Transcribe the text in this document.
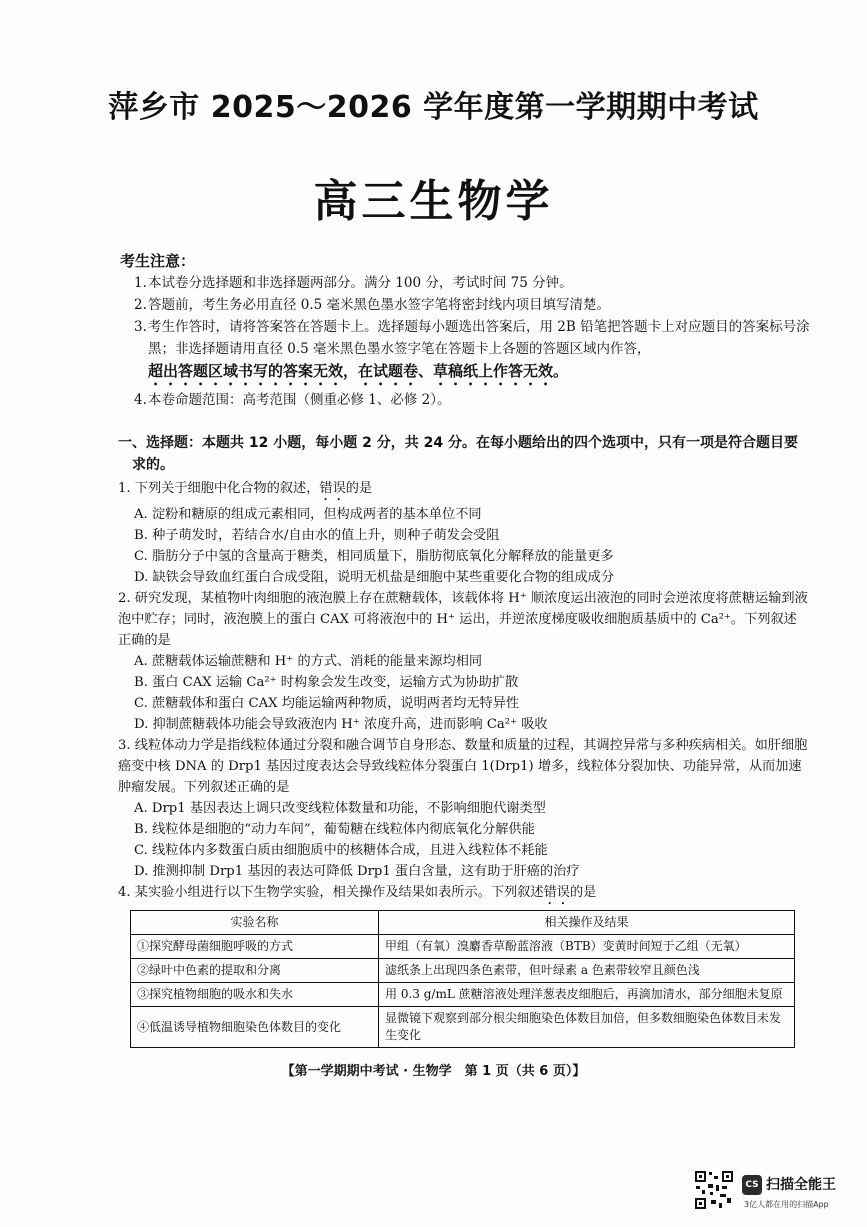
萍乡市 2025～2026 学年度第一学期期中考试
高三生物学
考生注意：
1.本试卷分选择题和非选择题两部分。满分 100 分，考试时间 75 分钟。
2.答题前，考生务必用直径 0.5 毫米黑色墨水签字笔将密封线内项目填写清楚。
3.考生作答时，请将答案答在答题卡上。选择题每小题选出答案后，用 2B 铅笔把答题卡上对应题目的答案标号涂黑；非选择题请用直径 0.5 毫米黑色墨水签字笔在答题卡上各题的答题区域内作答，
超出答题区域书写的答案无效，在试题卷、草稿纸上作答无效。
4.本卷命题范围：高考范围（侧重必修 1、必修 2）。
一、选择题：本题共 12 小题，每小题 2 分，共 24 分。在每小题给出的四个选项中，只有一项是符合题目要
求的。
1. 下列关于细胞中化合物的叙述，错误的是
A. 淀粉和糖原的组成元素相同，但构成两者的基本单位不同
B. 种子萌发时，若结合水/自由水的值上升，则种子萌发会受阻
C. 脂肪分子中氢的含量高于糖类，相同质量下，脂肪彻底氧化分解释放的能量更多
D. 缺铁会导致血红蛋白合成受阻，说明无机盐是细胞中某些重要化合物的组成成分
2. 研究发现，某植物叶肉细胞的液泡膜上存在蔗糖载体，该载体将 H⁺ 顺浓度运出液泡的同时会逆浓度将蔗糖运输到液泡中贮存；同时，液泡膜上的蛋白 CAX 可将液泡中的 H⁺ 运出，并逆浓度梯度吸收细胞质基质中的 Ca²⁺。下列叙述正确的是
A. 蔗糖载体运输蔗糖和 H⁺ 的方式、消耗的能量来源均相同
B. 蛋白 CAX 运输 Ca²⁺ 时构象会发生改变，运输方式为协助扩散
C. 蔗糖载体和蛋白 CAX 均能运输两种物质，说明两者均无特异性
D. 抑制蔗糖载体功能会导致液泡内 H⁺ 浓度升高，进而影响 Ca²⁺ 吸收
3. 线粒体动力学是指线粒体通过分裂和融合调节自身形态、数量和质量的过程，其调控异常与多种疾病相关。如肝细胞癌变中核 DNA 的 Drp1 基因过度表达会导致线粒体分裂蛋白 1(Drp1) 增多，线粒体分裂加快、功能异常，从而加速肿瘤发展。下列叙述正确的是
A. Drp1 基因表达上调只改变线粒体数量和功能，不影响细胞代谢类型
B. 线粒体是细胞的“动力车间”，葡萄糖在线粒体内彻底氧化分解供能
C. 线粒体内多数蛋白质由细胞质中的核糖体合成，且进入线粒体不耗能
D. 推测抑制 Drp1 基因的表达可降低 Drp1 蛋白含量，这有助于肝癌的治疗
4. 某实验小组进行以下生物学实验，相关操作及结果如表所示。下列叙述错误的是
实验名称	相关操作及结果
①探究酵母菌细胞呼吸的方式	甲组（有氧）溴麝香草酚蓝溶液（BTB）变黄时间短于乙组（无氧）
②绿叶中色素的提取和分离	滤纸条上出现四条色素带，但叶绿素 a 色素带较窄且颜色浅
③探究植物细胞的吸水和失水	用 0.3 g/mL 蔗糖溶液处理洋葱表皮细胞后，再滴加清水，部分细胞未复原
④低温诱导植物细胞染色体数目的变化	显微镜下观察到部分根尖细胞染色体数目加倍，但多数细胞染色体数目未发生变化
【第一学期期中考试 · 生物学　第 1 页（共 6 页）】
CS 扫描全能王
3亿人都在用的扫描App
